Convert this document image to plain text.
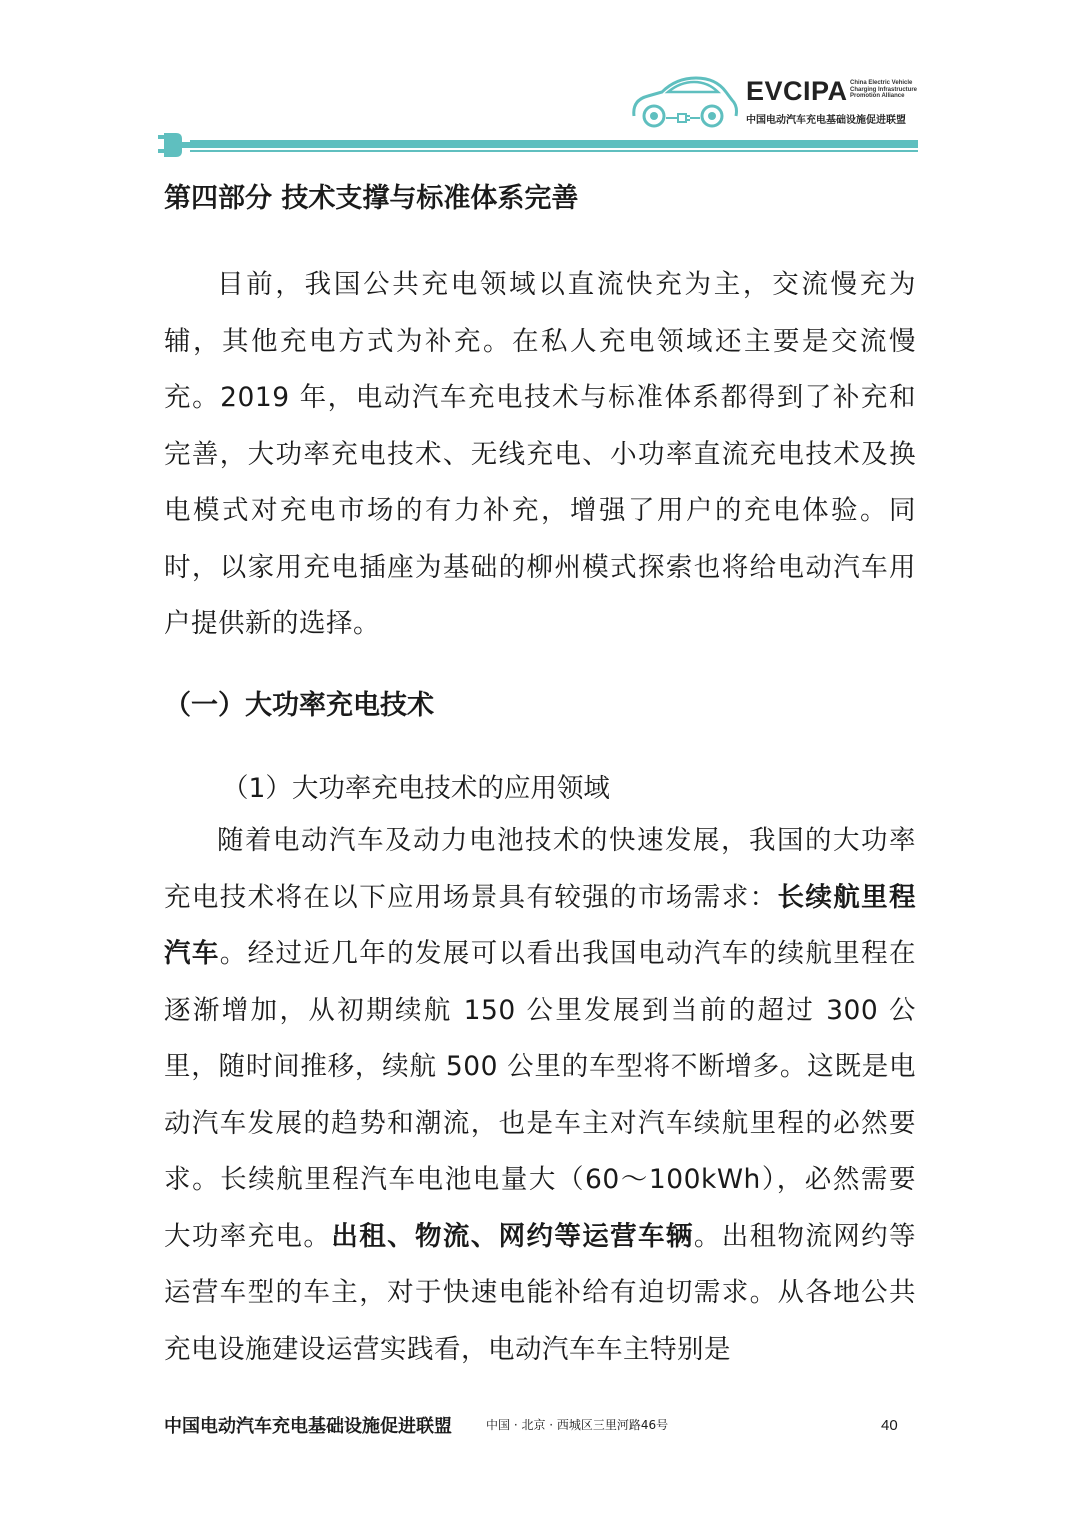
EVCIPA China Electric Vehicle
Charging Infrastructure
Promotion Alliance
中国电动汽车充电基础设施促进联盟
第四部分 技术支撑与标准体系完善

目前，我国公共充电领域以直流快充为主，交流慢充为辅，其他充电方式为补充。在私人充电领域还主要是交流慢充。2019 年，电动汽车充电技术与标准体系都得到了补充和完善，大功率充电技术、无线充电、小功率直流充电技术及换电模式对充电市场的有力补充，增强了用户的充电体验。同时，以家用充电插座为基础的柳州模式探索也将给电动汽车用户提供新的选择。

（一）大功率充电技术
（1）大功率充电技术的应用领域

随着电动汽车及动力电池技术的快速发展，我国的大功率充电技术将在以下应用场景具有较强的市场需求：长续航里程汽车。经过近几年的发展可以看出我国电动汽车的续航里程在逐渐增加，从初期续航 150 公里发展到当前的超过 300 公里，随时间推移，续航 500 公里的车型将不断增多。这既是电动汽车发展的趋势和潮流，也是车主对汽车续航里程的必然要求。长续航里程汽车电池电量大（60～100kWh），必然需要大功率充电。出租、物流、网约等运营车辆。出租物流网约等运营车型的车主，对于快速电能补给有迫切需求。从各地公共充电设施建设运营实践看，电动汽车车主特别是

中国电动汽车充电基础设施促进联盟	中国 · 北京 · 西城区三里河路46号	40
